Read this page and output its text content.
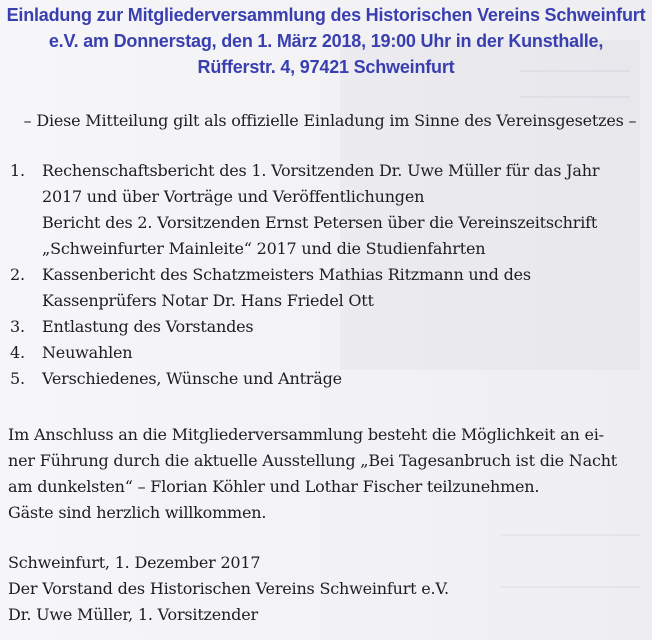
Einladung zur Mitgliederversammlung des Historischen Vereins Schweinfurt
e.V. am Donnerstag, den 1. März 2018, 19:00 Uhr in der Kunsthalle,
Rüfferstr. 4, 97421 Schweinfurt
– Diese Mitteilung gilt als offizielle Einladung im Sinne des Vereinsgesetzes –
1. Rechenschaftsbericht des 1. Vorsitzenden Dr. Uwe Müller für das Jahr
2017 und über Vorträge und Veröffentlichungen
Bericht des 2. Vorsitzenden Ernst Petersen über die Vereinszeitschrift
„Schweinfurter Mainleite“ 2017 und die Studienfahrten
2. Kassenbericht des Schatzmeisters Mathias Ritzmann und des
Kassenprüfers Notar Dr. Hans Friedel Ott
3. Entlastung des Vorstandes
4. Neuwahlen
5. Verschiedenes, Wünsche und Anträge
Im Anschluss an die Mitgliederversammlung besteht die Möglichkeit an ei-
ner Führung durch die aktuelle Ausstellung „Bei Tagesanbruch ist die Nacht
am dunkelsten“ – Florian Köhler und Lothar Fischer teilzunehmen.
Gäste sind herzlich willkommen.
Schweinfurt, 1. Dezember 2017
Der Vorstand des Historischen Vereins Schweinfurt e.V.
Dr. Uwe Müller, 1. Vorsitzender
